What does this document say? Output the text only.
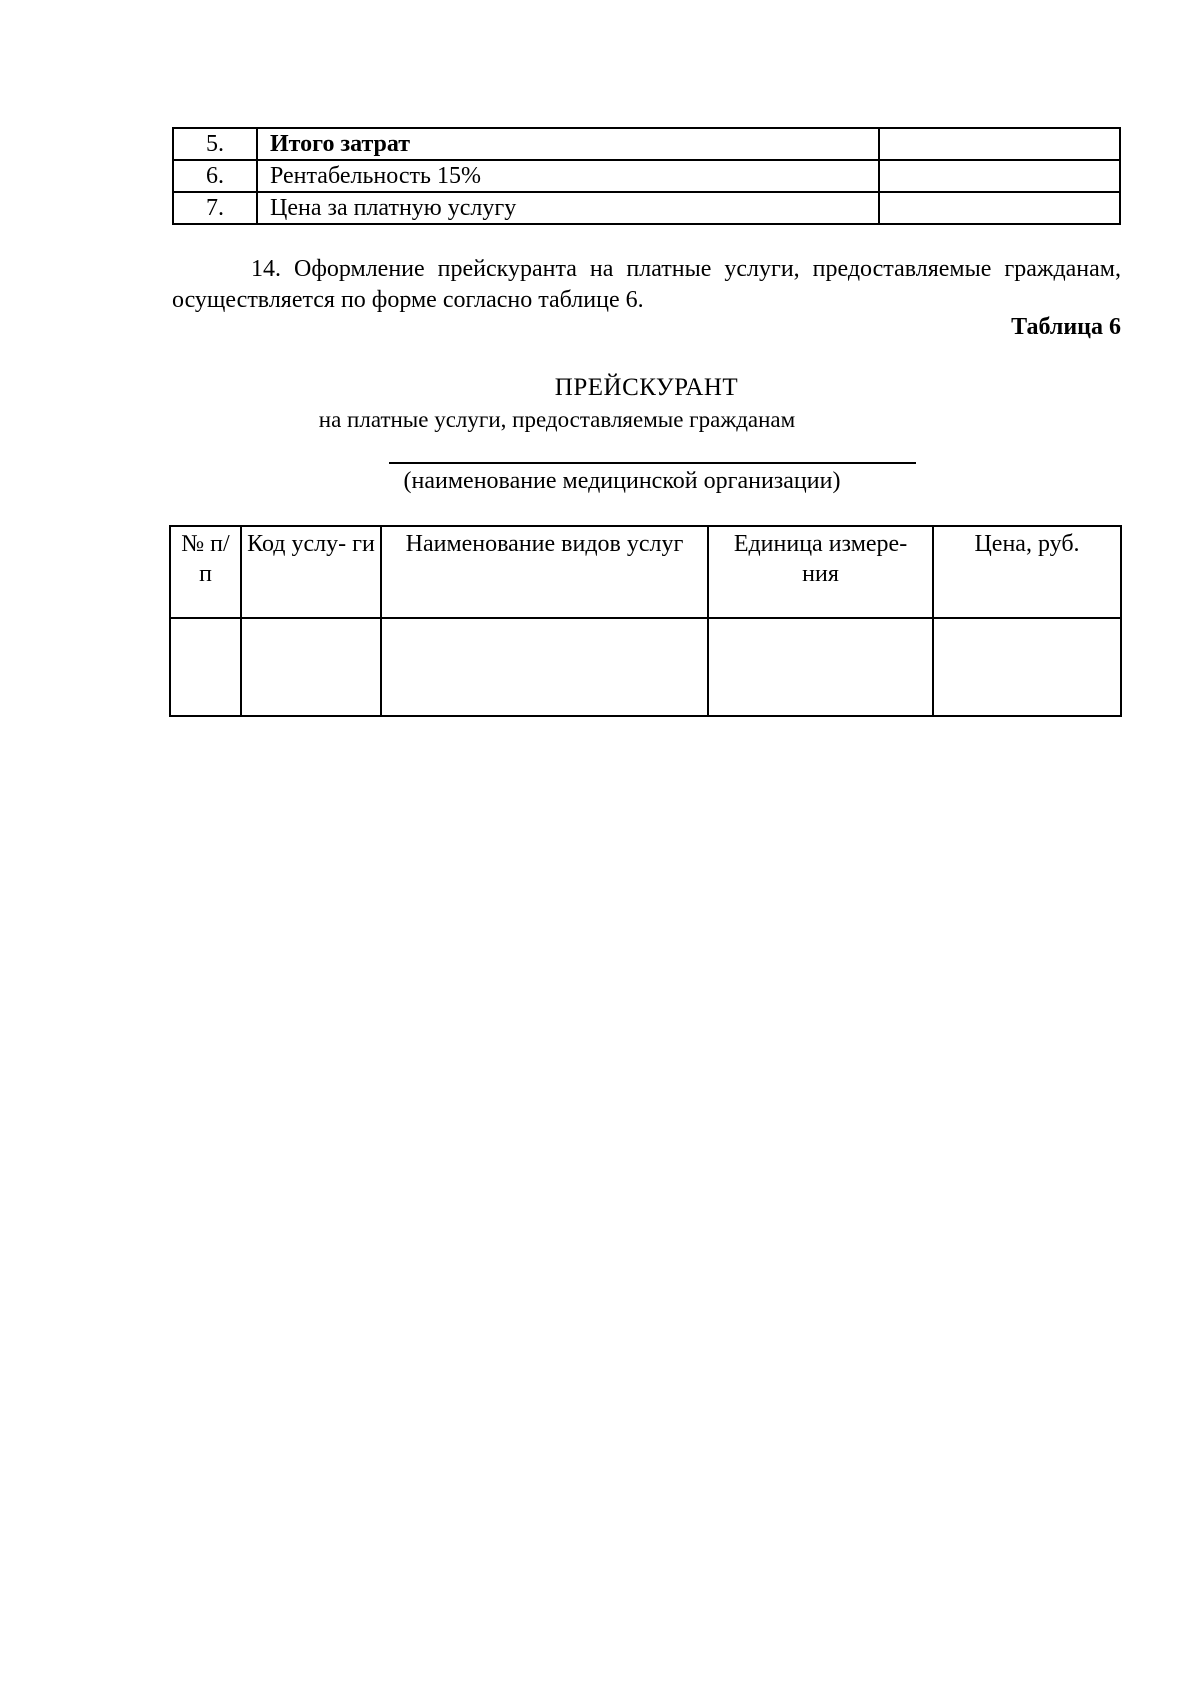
5.	Итого затрат	
6.	Рентабельность 15%	
7.	Цена за платную услугу	

14. Оформление прейскуранта на платные услуги, предоставляемые гражданам, осуществляется по форме согласно таблице 6.

Таблица 6

ПРЕЙСКУРАНТ

на платные услуги, предоставляемые гражданам

(наименование медицинской организации)

№ п/п	Код услу- ги	Наименование видов услуг	Единица измере- ния	Цена, руб.
